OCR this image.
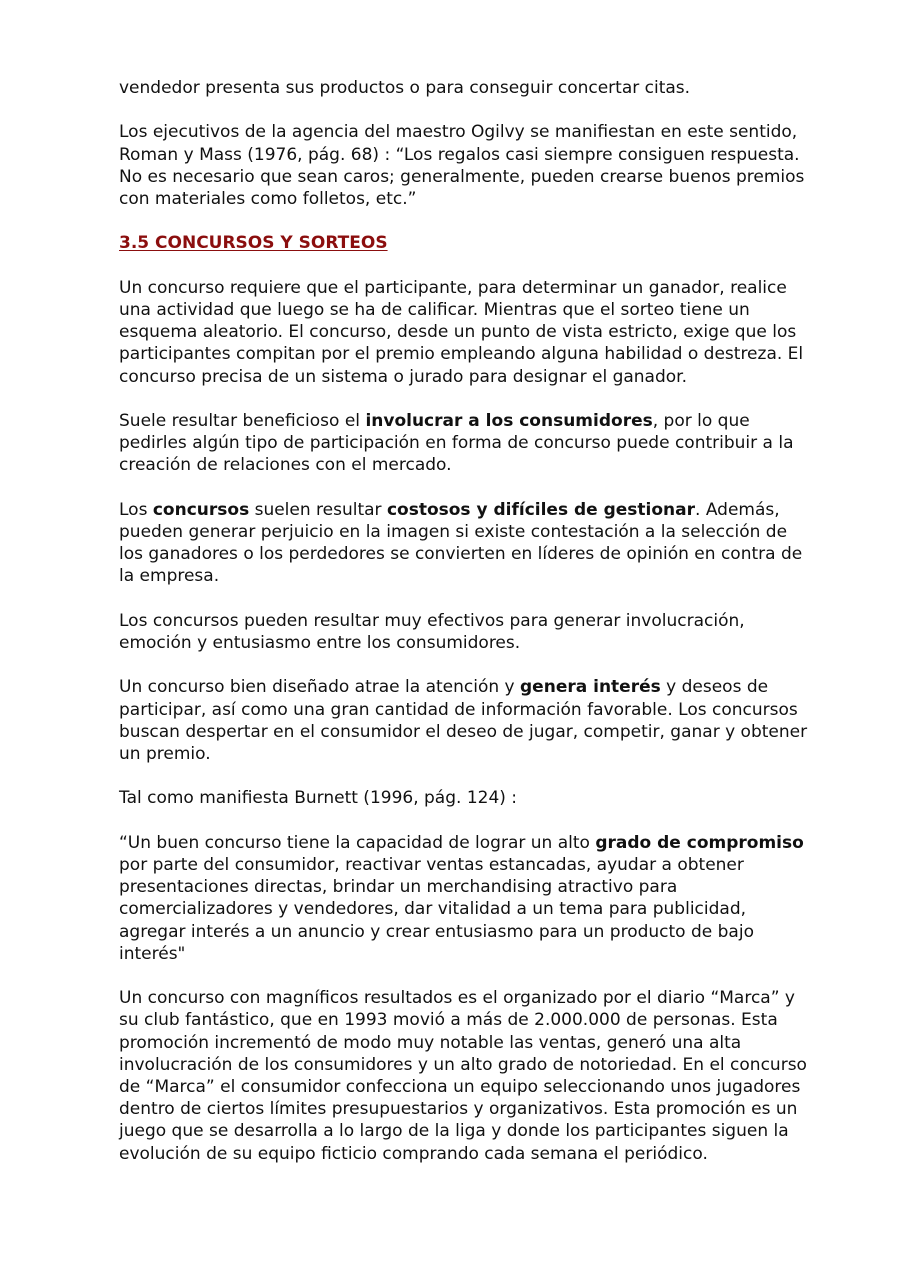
vendedor presenta sus productos o para conseguir concertar citas.

Los ejecutivos de la agencia del maestro Ogilvy se manifiestan en este sentido, Roman y Mass (1976, pág. 68) : “Los regalos casi siempre consiguen respuesta. No es necesario que sean caros; generalmente, pueden crearse buenos premios con materiales como folletos, etc.”

3.5 CONCURSOS Y SORTEOS

Un concurso requiere que el participante, para determinar un ganador, realice una actividad que luego se ha de calificar. Mientras que el sorteo tiene un esquema aleatorio. El concurso, desde un punto de vista estricto, exige que los participantes compitan por el premio empleando alguna habilidad o destreza. El concurso precisa de un sistema o jurado para designar el ganador.

Suele resultar beneficioso el involucrar a los consumidores, por lo que pedirles algún tipo de participación en forma de concurso puede contribuir a la creación de relaciones con el mercado.

Los concursos suelen resultar costosos y difíciles de gestionar. Además, pueden generar perjuicio en la imagen si existe contestación a la selección de los ganadores o los perdedores se convierten en líderes de opinión en contra de la empresa.

Los concursos pueden resultar muy efectivos para generar involucración, emoción y entusiasmo entre los consumidores.

Un concurso bien diseñado atrae la atención y genera interés y deseos de participar, así como una gran cantidad de información favorable. Los concursos buscan despertar en el consumidor el deseo de jugar, competir, ganar y obtener un premio.

Tal como manifiesta Burnett (1996, pág. 124) :

“Un buen concurso tiene la capacidad de lograr un alto grado de compromiso por parte del consumidor, reactivar ventas estancadas, ayudar a obtener presentaciones directas, brindar un merchandising atractivo para comercializadores y vendedores, dar vitalidad a un tema para publicidad, agregar interés a un anuncio y crear entusiasmo para un producto de bajo interés"

Un concurso con magníficos resultados es el organizado por el diario “Marca” y su club fantástico, que en 1993 movió a más de 2.000.000 de personas. Esta promoción incrementó de modo muy notable las ventas, generó una alta involucración de los consumidores y un alto grado de notoriedad. En el concurso de “Marca” el consumidor confecciona un equipo seleccionando unos jugadores dentro de ciertos límites presupuestarios y organizativos. Esta promoción es un juego que se desarrolla a lo largo de la liga y donde los participantes siguen la evolución de su equipo ficticio comprando cada semana el periódico.
